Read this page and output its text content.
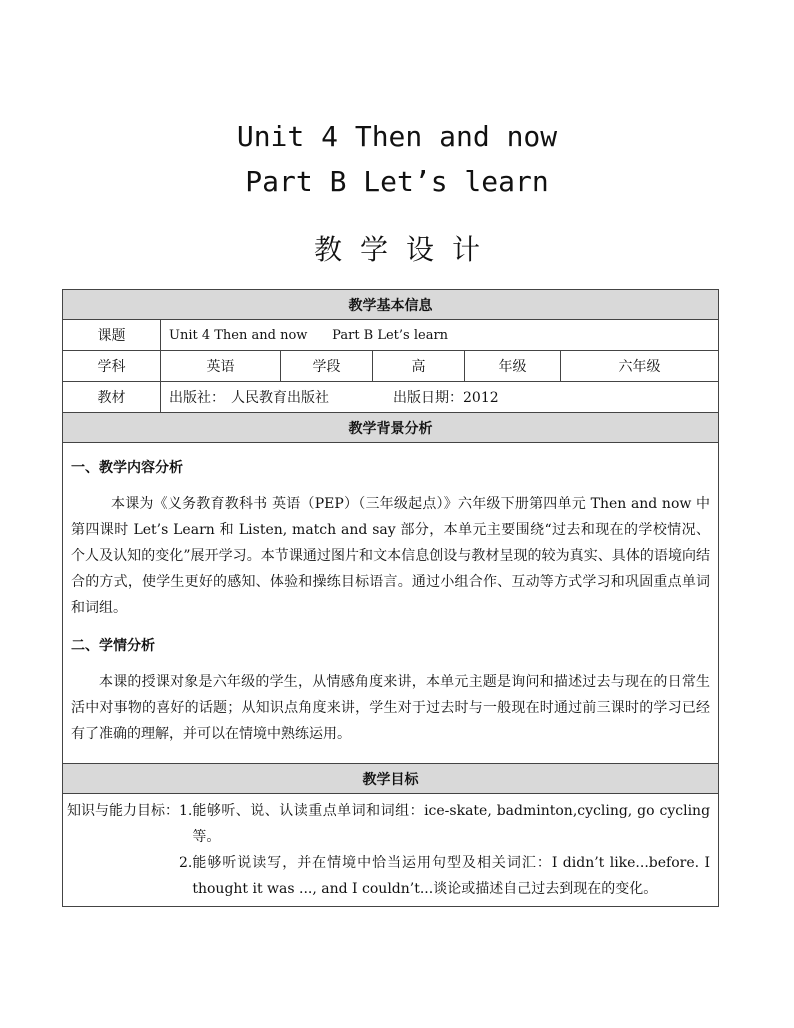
Unit 4 Then and now
Part B Let’s learn
教学设计
教学基本信息					
课题	Unit 4 Then and now      Part B Let’s learn				
学科	英语	学段	高	年级	六年级
教材	出版社： 人民教育出版社 出版日期：2012				
教学背景分析					

一、教学内容分析

本课为《义务教育教科书 英语（PEP）（三年级起点）》六年级下册第四单元 Then and now 中第四课时 Let’s Learn 和 Listen, match and say 部分，本单元主要围绕“过去和现在的学校情况、个人及认知的变化”展开学习。本节课通过图片和文本信息创设与教材呈现的较为真实、具体的语境向结合的方式，使学生更好的感知、体验和操练目标语言。通过小组合作、互动等方式学习和巩固重点单词和词组。

二、学情分析

本课的授课对象是六年级的学生，从情感角度来讲，本单元主题是询问和描述过去与现在的日常生活中对事物的喜好的话题；从知识点角度来讲，学生对于过去时与一般现在时通过前三课时的学习已经有了准确的理解，并可以在情境中熟练运用。					

教学目标					

知识与能力目标： 1. 能够听、说、认读重点单词和词组：ice-skate, badminton,cycling, go cycling 等。
2. 能够听说读写，并在情境中恰当运用句型及相关词汇：I didn’t like...before. I thought it was ..., and I couldn’t...谈论或描述自己过去到现在的变化。					
